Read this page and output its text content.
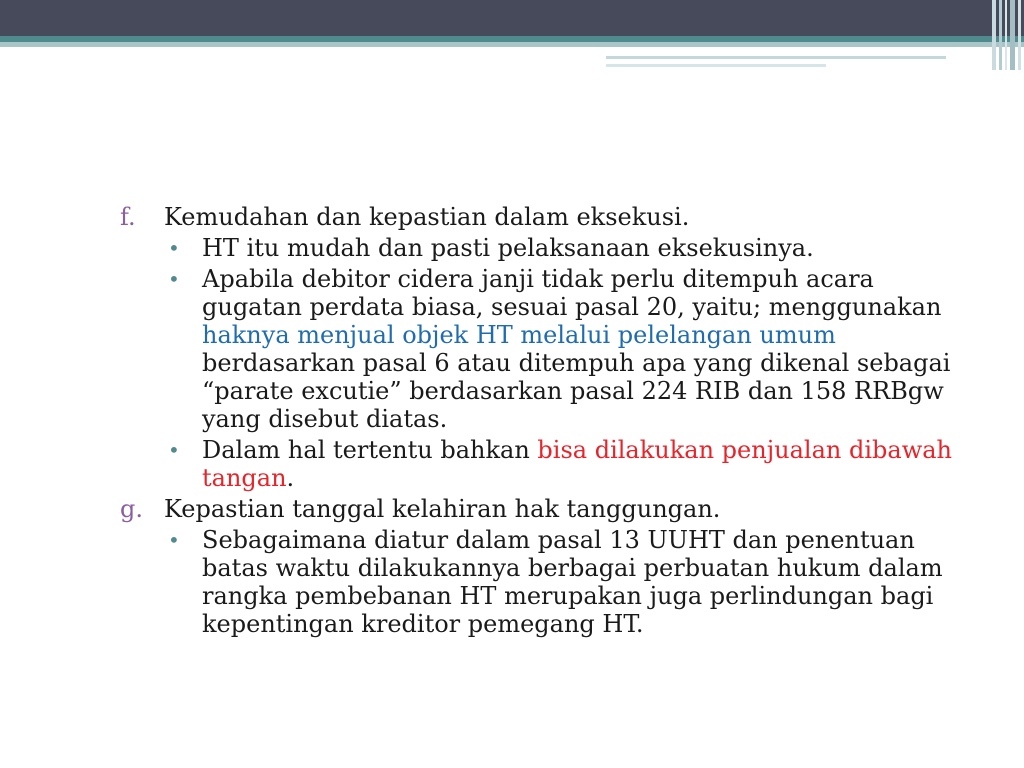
f.	Kemudahan dan kepastian dalam eksekusi.
• HT itu mudah dan pasti pelaksanaan eksekusinya.
• Apabila debitor cidera janji tidak perlu ditempuh acara gugatan perdata biasa, sesuai pasal 20, yaitu; menggunakan haknya menjual objek HT melalui pelelangan umum berdasarkan pasal 6 atau ditempuh apa yang dikenal sebagai “parate excutie” berdasarkan pasal 224 RIB dan 158 RRBgw yang disebut diatas.
• Dalam hal tertentu bahkan bisa dilakukan penjualan dibawah tangan.
g. Kepastian tanggal kelahiran hak tanggungan.
• Sebagaimana diatur dalam pasal 13 UUHT dan penentuan batas waktu dilakukannya berbagai perbuatan hukum dalam rangka pembebanan HT merupakan juga perlindungan bagi kepentingan kreditor pemegang HT.
